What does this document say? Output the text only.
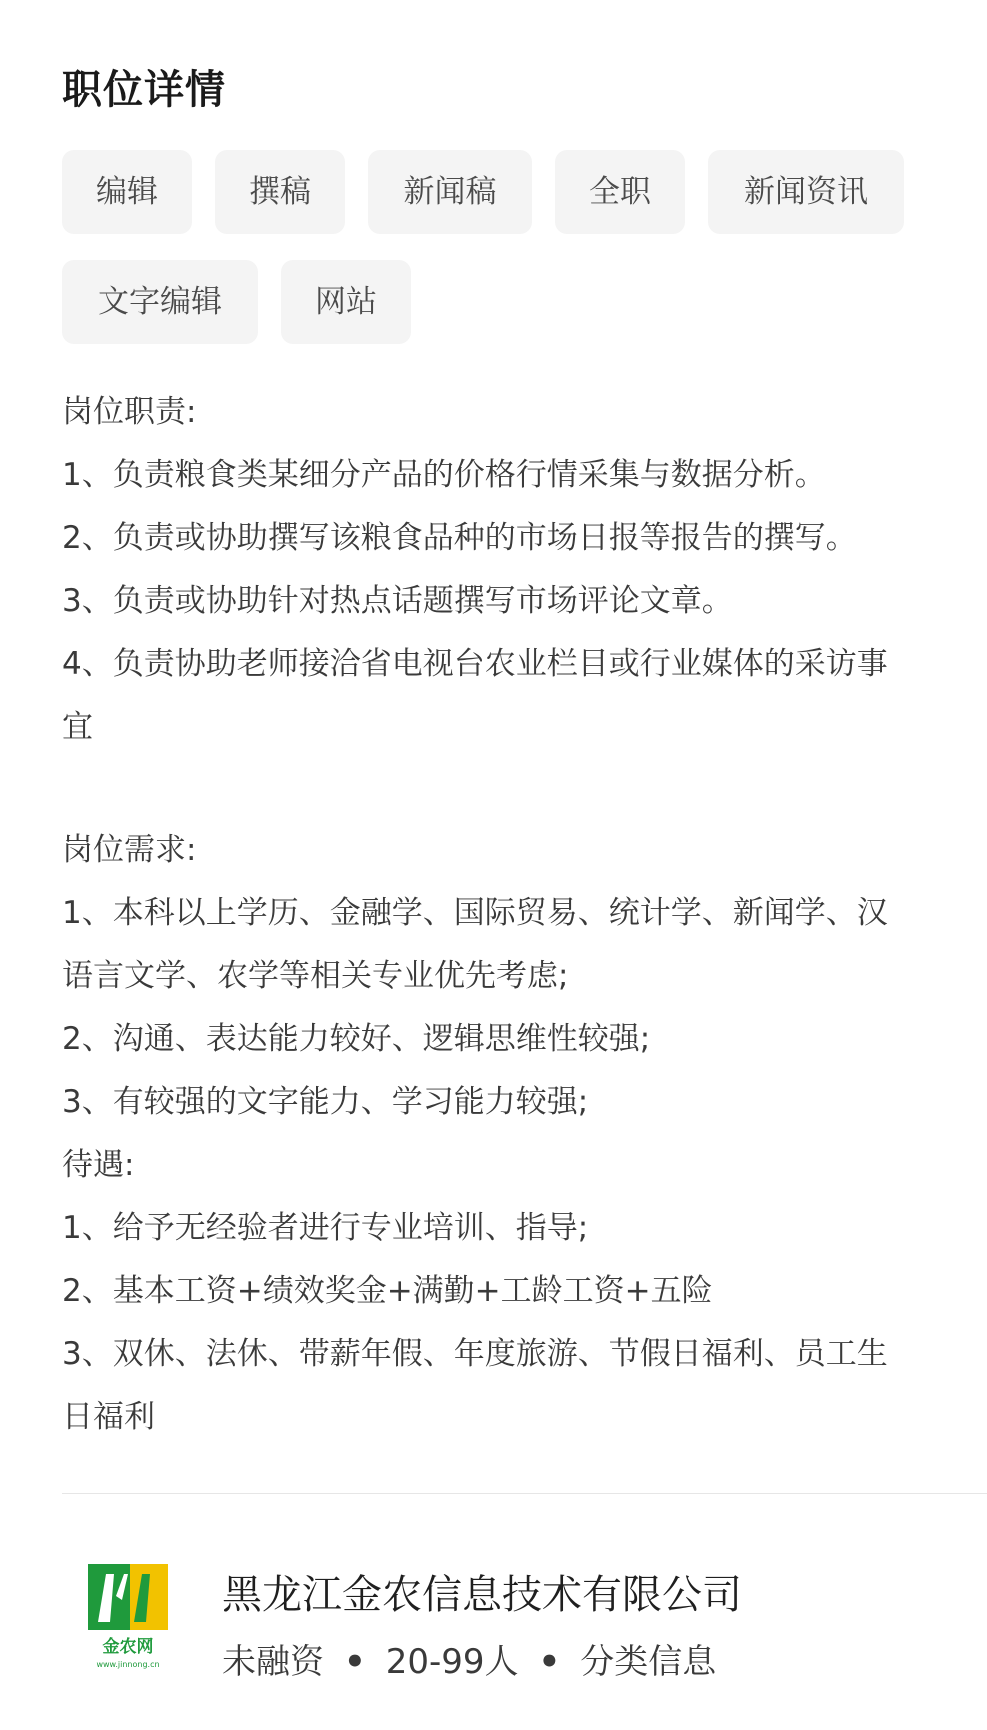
职位详情
编辑	撰稿	新闻稿	全职	新闻资讯
文字编辑	网站
岗位职责:
1、负责粮食类某细分产品的价格行情采集与数据分析。
2、负责或协助撰写该粮食品种的市场日报等报告的撰写。
3、负责或协助针对热点话题撰写市场评论文章。
4、负责协助老师接洽省电视台农业栏目或行业媒体的采访事
宜
岗位需求:
1、本科以上学历、金融学、国际贸易、统计学、新闻学、汉
语言文学、农学等相关专业优先考虑;
2、沟通、表达能力较好、逻辑思维性较强;
3、有较强的文字能力、学习能力较强;
待遇:
1、给予无经验者进行专业培训、指导;
2、基本工资+绩效奖金+满勤+工龄工资+五险
3、双休、法休、带薪年假、年度旅游、节假日福利、员工生
日福利
金农网
www.jinnong.cn
黑龙江金农信息技术有限公司
未融资 • 20-99人 • 分类信息
